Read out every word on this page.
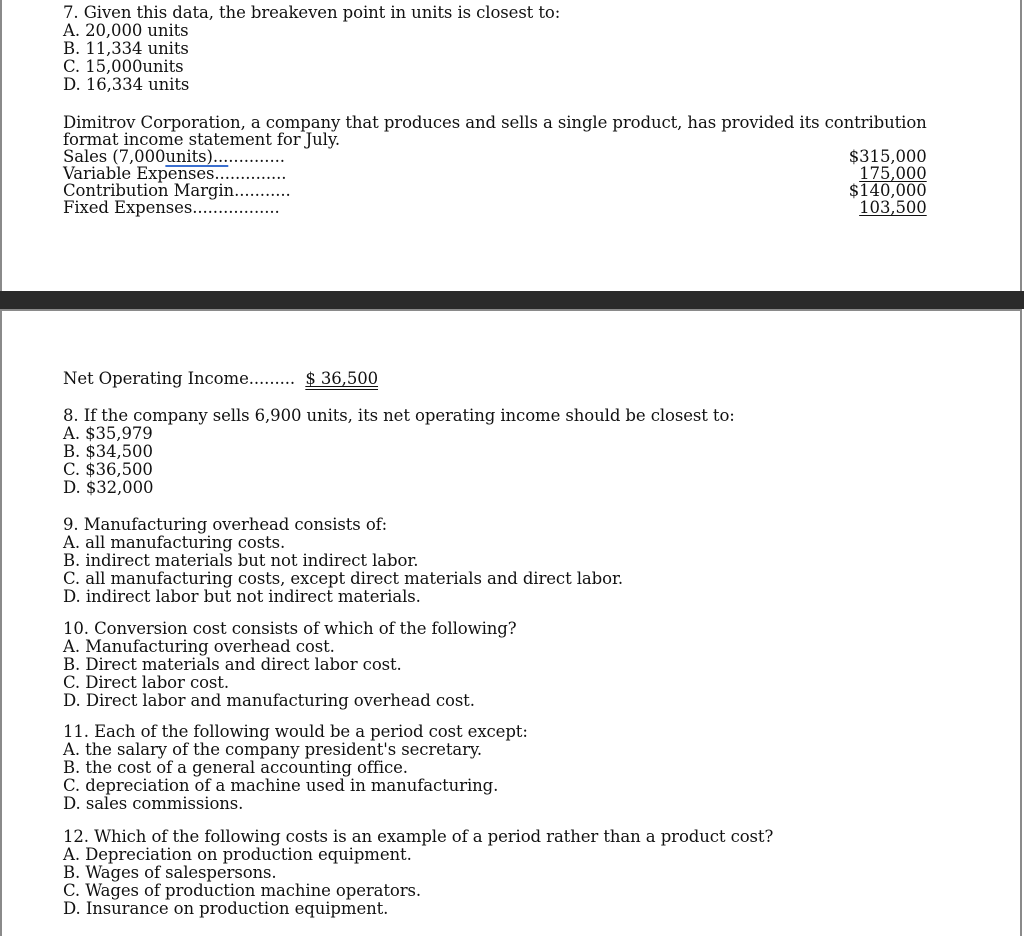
7. Given this data, the breakeven point in units is closest to:
A. 20,000 units
B. 11,334 units
C. 15,000units
D. 16,334 units
Dimitrov Corporation, a company that produces and sells a single product, has provided its contribution
format income statement for July.
Sales (7,000units)..............	$315,000
Variable Expenses..............	175,000
Contribution Margin...........	$140,000
Fixed Expenses.................	103,500
Net Operating Income......... $ 36,500
8. If the company sells 6,900 units, its net operating income should be closest to:
A. $35,979
B. $34,500
C. $36,500
D. $32,000
9. Manufacturing overhead consists of:
A. all manufacturing costs.
B. indirect materials but not indirect labor.
C. all manufacturing costs, except direct materials and direct labor.
D. indirect labor but not indirect materials.
10. Conversion cost consists of which of the following?
A. Manufacturing overhead cost.
B. Direct materials and direct labor cost.
C. Direct labor cost.
D. Direct labor and manufacturing overhead cost.
11. Each of the following would be a period cost except:
A. the salary of the company president's secretary.
B. the cost of a general accounting office.
C. depreciation of a machine used in manufacturing.
D. sales commissions.
12. Which of the following costs is an example of a period rather than a product cost?
A. Depreciation on production equipment.
B. Wages of salespersons.
C. Wages of production machine operators.
D. Insurance on production equipment.
